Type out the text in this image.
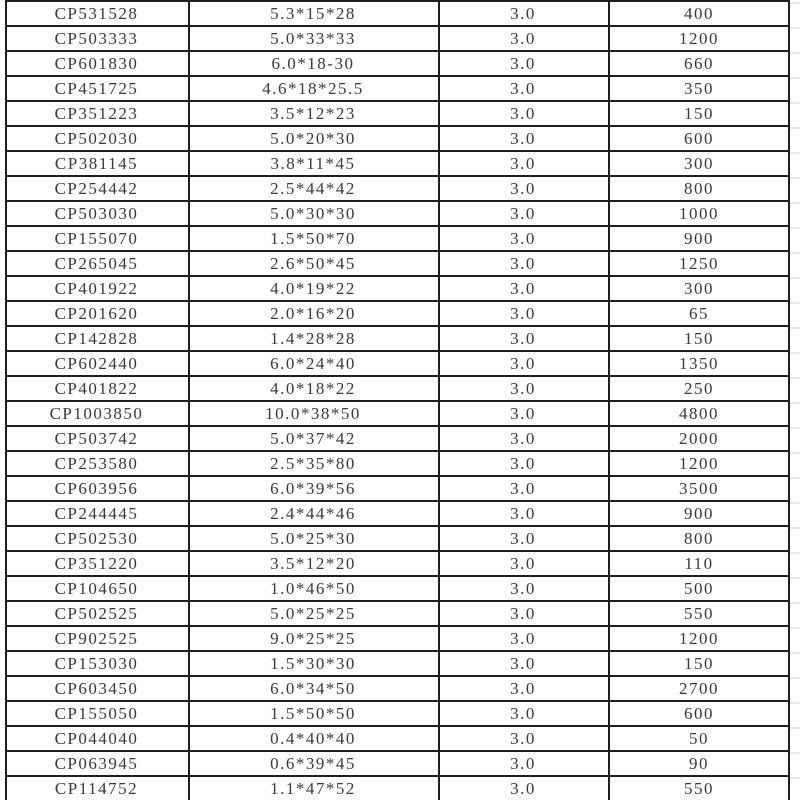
CP531528	5.3*15*28	3.0	400
CP503333	5.0*33*33	3.0	1200
CP601830	6.0*18-30	3.0	660
CP451725	4.6*18*25.5	3.0	350
CP351223	3.5*12*23	3.0	150
CP502030	5.0*20*30	3.0	600
CP381145	3.8*11*45	3.0	300
CP254442	2.5*44*42	3.0	800
CP503030	5.0*30*30	3.0	1000
CP155070	1.5*50*70	3.0	900
CP265045	2.6*50*45	3.0	1250
CP401922	4.0*19*22	3.0	300
CP201620	2.0*16*20	3.0	65
CP142828	1.4*28*28	3.0	150
CP602440	6.0*24*40	3.0	1350
CP401822	4.0*18*22	3.0	250
CP1003850	10.0*38*50	3.0	4800
CP503742	5.0*37*42	3.0	2000
CP253580	2.5*35*80	3.0	1200
CP603956	6.0*39*56	3.0	3500
CP244445	2.4*44*46	3.0	900
CP502530	5.0*25*30	3.0	800
CP351220	3.5*12*20	3.0	110
CP104650	1.0*46*50	3.0	500
CP502525	5.0*25*25	3.0	550
CP902525	9.0*25*25	3.0	1200
CP153030	1.5*30*30	3.0	150
CP603450	6.0*34*50	3.0	2700
CP155050	1.5*50*50	3.0	600
CP044040	0.4*40*40	3.0	50
CP063945	0.6*39*45	3.0	90
CP114752	1.1*47*52	3.0	550
